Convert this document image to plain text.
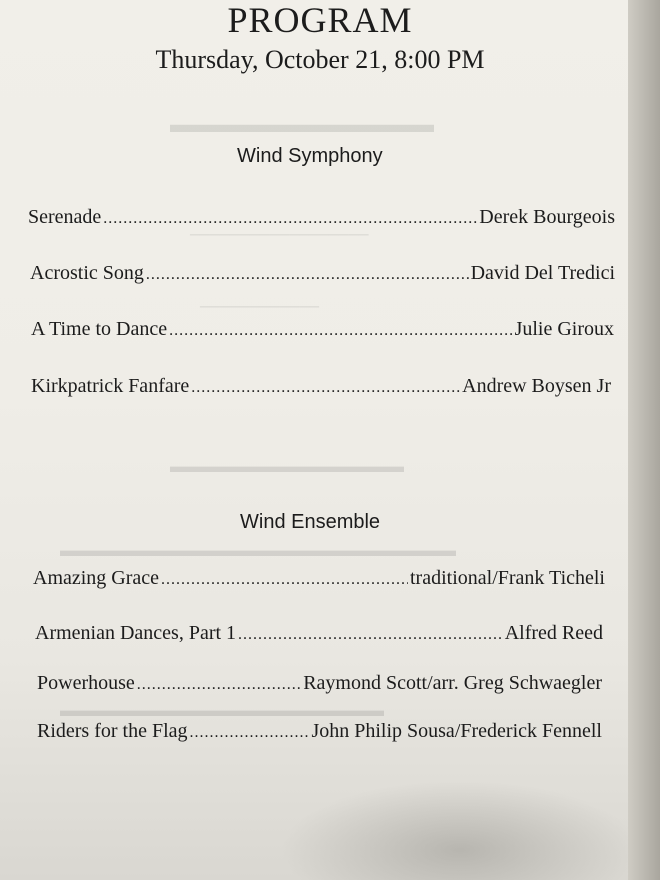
▬▬▬▬▬▬▬▬▬▬▬
──────────────────
────────────
▬▬▬▬▬▬▬▬▬▬▬▬▬
▬▬▬▬▬▬▬▬▬▬▬▬▬▬▬▬▬▬▬▬▬▬
▬▬▬▬▬▬▬▬▬▬▬▬▬▬▬▬▬▬
PROGRAM
Thursday, October 21, 8:00 PM
Wind Symphony
Serenade .....	Derek Bourgeois
Acrostic Song .....	David Del Tredici
A Time to Dance .....	Julie Giroux
Kirkpatrick Fanfare .....	Andrew Boysen Jr
Wind Ensemble
Amazing Grace .....	traditional/Frank Ticheli
Armenian Dances, Part 1 .....	Alfred Reed
Powerhouse .....	Raymond Scott/arr. Greg Schwaegler
Riders for the Flag .....	John Philip Sousa/Frederick Fennell
